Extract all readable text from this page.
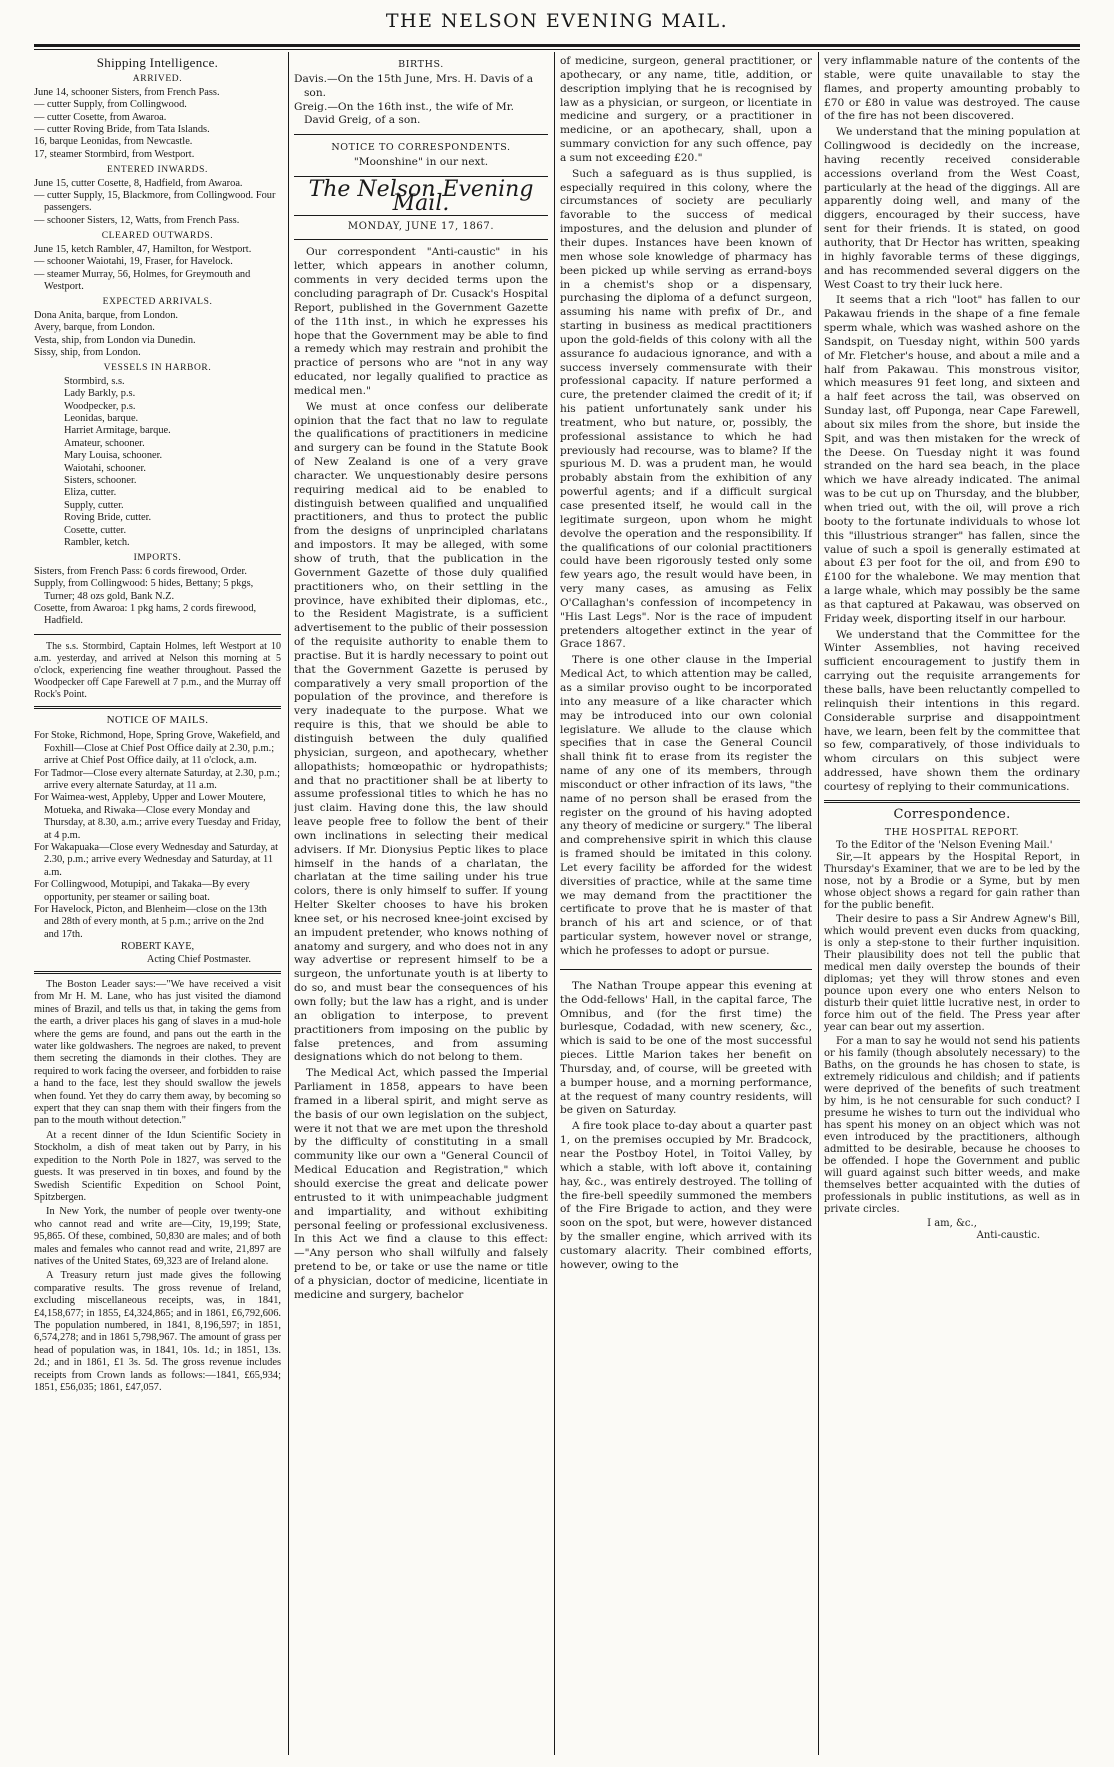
THE NELSON EVENING MAIL.
Shipping Intelligence.
ARRIVED.
June 14, schooner Sisters, from French Pass.
— cutter Supply, from Collingwood.
— cutter Cosette, from Awaroa.
— cutter Roving Bride, from Tata Islands.
16, barque Leonidas, from Newcastle.
17, steamer Stormbird, from Westport.
ENTERED INWARDS.
June 15, cutter Cosette, 8, Hadfield, from Awaroa.
— cutter Supply, 15, Blackmore, from Collingwood. Four passengers.
— schooner Sisters, 12, Watts, from French Pass.
CLEARED OUTWARDS.
June 15, ketch Rambler, 47, Hamilton, for Westport.
— schooner Waiotahi, 19, Fraser, for Havelock.
— steamer Murray, 56, Holmes, for Greymouth and Westport.
EXPECTED ARRIVALS.
Dona Anita, barque, from London.
Avery, barque, from London.
Vesta, ship, from London via Dunedin.
Sissy, ship, from London.
VESSELS IN HARBOR.
Stormbird, s.s.
Lady Barkly, p.s.
Woodpecker, p.s.
Leonidas, barque.
Harriet Armitage, barque.
Amateur, schooner.
Mary Louisa, schooner.
Waiotahi, schooner.
Sisters, schooner.
Eliza, cutter.
Supply, cutter.
Roving Bride, cutter.
Cosette, cutter.
Rambler, ketch.
IMPORTS.
Sisters, from French Pass: 6 cords firewood, Order.
Supply, from Collingwood: 5 hides, Bettany; 5 pkgs, Turner; 48 ozs gold, Bank N.Z.
Cosette, from Awaroa: 1 pkg hams, 2 cords firewood, Hadfield.

The s.s. Stormbird, Captain Holmes, left Westport at 10 a.m. yesterday, and arrived at Nelson this morning at 5 o'clock, experiencing fine weather throughout. Passed the Woodpecker off Cape Farewell at 7 p.m., and the Murray off Rock's Point.

NOTICE OF MAILS.
For Stoke, Richmond, Hope, Spring Grove, Wakefield, and Foxhill—Close at Chief Post Office daily at 2.30, p.m.; arrive at Chief Post Office daily, at 11 o'clock, a.m.
For Tadmor—Close every alternate Saturday, at 2.30, p.m.; arrive every alternate Saturday, at 11 a.m.
For Waimea-west, Appleby, Upper and Lower Moutere, Motueka, and Riwaka—Close every Monday and Thursday, at 8.30, a.m.; arrive every Tuesday and Friday, at 4 p.m.
For Wakapuaka—Close every Wednesday and Saturday, at 2.30, p.m.; arrive every Wednesday and Saturday, at 11 a.m.
For Collingwood, Motupipi, and Takaka—By every opportunity, per steamer or sailing boat.
For Havelock, Picton, and Blenheim—close on the 13th and 28th of every month, at 5 p.m.; arrive on the 2nd and 17th.
ROBERT KAYE,
Acting Chief Postmaster.

The Boston Leader says:—"We have received a visit from Mr H. M. Lane, who has just visited the diamond mines of Brazil, and tells us that, in taking the gems from the earth, a driver places his gang of slaves in a mud-hole where the gems are found, and pans out the earth in the water like goldwashers. The negroes are naked, to prevent them secreting the diamonds in their clothes. They are required to work facing the overseer, and forbidden to raise a hand to the face, lest they should swallow the jewels when found. Yet they do carry them away, by becoming so expert that they can snap them with their fingers from the pan to the mouth without detection."

At a recent dinner of the Idun Scientific Society in Stockholm, a dish of meat taken out by Parry, in his expedition to the North Pole in 1827, was served to the guests. It was preserved in tin boxes, and found by the Swedish Scientific Expedition on School Point, Spitzbergen.

In New York, the number of people over twenty-one who cannot read and write are—City, 19,199; State, 95,865. Of these, combined, 50,830 are males; and of both males and females who cannot read and write, 21,897 are natives of the United States, 69,323 are of Ireland alone.

A Treasury return just made gives the following comparative results. The gross revenue of Ireland, excluding miscellaneous receipts, was, in 1841, £4,158,677; in 1855, £4,324,865; and in 1861, £6,792,606. The population numbered, in 1841, 8,196,597; in 1851, 6,574,278; and in 1861 5,798,967. The amount of grass per head of population was, in 1841, 10s. 1d.; in 1851, 13s. 2d.; and in 1861, £1 3s. 5d. The gross revenue includes receipts from Crown lands as follows:—1841, £65,934; 1851, £56,035; 1861, £47,057.

BIRTHS.
Davis.—On the 15th June, Mrs. H. Davis of a son.
Greig.—On the 16th inst., the wife of Mr. David Greig, of a son.
NOTICE TO CORRESPONDENTS.
"Moonshine" in our next.
The Nelson Evening Mail.
MONDAY, JUNE 17, 1867.

Our correspondent "Anti-caustic" in his letter, which appears in another column, comments in very decided terms upon the concluding paragraph of Dr. Cusack's Hospital Report, published in the Government Gazette of the 11th inst., in which he expresses his hope that the Government may be able to find a remedy which may restrain and prohibit the practice of persons who are "not in any way educated, nor legally qualified to practice as medical men."

We must at once confess our deliberate opinion that the fact that no law to regulate the qualifications of practitioners in medicine and surgery can be found in the Statute Book of New Zealand is one of a very grave character. We unquestionably desire persons requiring medical aid to be enabled to distinguish between qualified and unqualified practitioners, and thus to protect the public from the designs of unprincipled charlatans and impostors. It may be alleged, with some show of truth, that the publication in the Government Gazette of those duly qualified practitioners who, on their settling in the province, have exhibited their diplomas, etc., to the Resident Magistrate, is a sufficient advertisement to the public of their possession of the requisite authority to enable them to practise. But it is hardly necessary to point out that the Government Gazette is perused by comparatively a very small proportion of the population of the province, and therefore is very inadequate to the purpose. What we require is this, that we should be able to distinguish between the duly qualified physician, surgeon, and apothecary, whether allopathists; homœopathic or hydropathists; and that no practitioner shall be at liberty to assume professional titles to which he has no just claim. Having done this, the law should leave people free to follow the bent of their own inclinations in selecting their medical advisers. If Mr. Dionysius Peptic likes to place himself in the hands of a charlatan, the charlatan at the time sailing under his true colors, there is only himself to suffer. If young Helter Skelter chooses to have his broken knee set, or his necrosed knee-joint excised by an impudent pretender, who knows nothing of anatomy and surgery, and who does not in any way advertise or represent himself to be a surgeon, the unfortunate youth is at liberty to do so, and must bear the consequences of his own folly; but the law has a right, and is under an obligation to interpose, to prevent practitioners from imposing on the public by false pretences, and from assuming designations which do not belong to them.

The Medical Act, which passed the Imperial Parliament in 1858, appears to have been framed in a liberal spirit, and might serve as the basis of our own legislation on the subject, were it not that we are met upon the threshold by the difficulty of constituting in a small community like our own a "General Council of Medical Education and Registration," which should exercise the great and delicate power entrusted to it with unimpeachable judgment and impartiality, and without exhibiting personal feeling or professional exclusiveness. In this Act we find a clause to this effect:—"Any person who shall wilfully and falsely pretend to be, or take or use the name or title of a physician, doctor of medicine, licentiate in medicine and surgery, bachelor

of medicine, surgeon, general practitioner, or apothecary, or any name, title, addition, or description implying that he is recognised by law as a physician, or surgeon, or licentiate in medicine and surgery, or a practitioner in medicine, or an apothecary, shall, upon a summary conviction for any such offence, pay a sum not exceeding £20."

Such a safeguard as is thus supplied, is especially required in this colony, where the circumstances of society are peculiarly favorable to the success of medical impostures, and the delusion and plunder of their dupes. Instances have been known of men whose sole knowledge of pharmacy has been picked up while serving as errand-boys in a chemist's shop or a dispensary, purchasing the diploma of a defunct surgeon, assuming his name with prefix of Dr., and starting in business as medical practitioners upon the gold-fields of this colony with all the assurance fo audacious ignorance, and with a success inversely commensurate with their professional capacity. If nature performed a cure, the pretender claimed the credit of it; if his patient unfortunately sank under his treatment, who but nature, or, possibly, the professional assistance to which he had previously had recourse, was to blame? If the spurious M. D. was a prudent man, he would probably abstain from the exhibition of any powerful agents; and if a difficult surgical case presented itself, he would call in the legitimate surgeon, upon whom he might devolve the operation and the responsibility. If the qualifications of our colonial practitioners could have been rigorously tested only some few years ago, the result would have been, in very many cases, as amusing as Felix O'Callaghan's confession of incompetency in "His Last Legs". Nor is the race of impudent pretenders altogether extinct in the year of Grace 1867.

There is one other clause in the Imperial Medical Act, to which attention may be called, as a similar proviso ought to be incorporated into any measure of a like character which may be introduced into our own colonial legislature. We allude to the clause which specifies that in case the General Council shall think fit to erase from its register the name of any one of its members, through misconduct or other infraction of its laws, "the name of no person shall be erased from the register on the ground of his having adopted any theory of medicine or surgery." The liberal and comprehensive spirit in which this clause is framed should be imitated in this colony. Let every facility be afforded for the widest diversities of practice, while at the same time we may demand from the practitioner the certificate to prove that he is master of that branch of his art and science, or of that particular system, however novel or strange, which he professes to adopt or pursue.

The Nathan Troupe appear this evening at the Odd-fellows' Hall, in the capital farce, The Omnibus, and (for the first time) the burlesque, Codadad, with new scenery, &c., which is said to be one of the most successful pieces. Little Marion takes her benefit on Thursday, and, of course, will be greeted with a bumper house, and a morning performance, at the request of many country residents, will be given on Saturday.

A fire took place to-day about a quarter past 1, on the premises occupied by Mr. Bradcock, near the Postboy Hotel, in Toitoi Valley, by which a stable, with loft above it, containing hay, &c., was entirely destroyed. The tolling of the fire-bell speedily summoned the members of the Fire Brigade to action, and they were soon on the spot, but were, however distanced by the smaller engine, which arrived with its customary alacrity. Their combined efforts, however, owing to the

very inflammable nature of the contents of the stable, were quite unavailable to stay the flames, and property amounting probably to £70 or £80 in value was destroyed. The cause of the fire has not been discovered.

We understand that the mining population at Collingwood is decidedly on the increase, having recently received considerable accessions overland from the West Coast, particularly at the head of the diggings. All are apparently doing well, and many of the diggers, encouraged by their success, have sent for their friends. It is stated, on good authority, that Dr Hector has written, speaking in highly favorable terms of these diggings, and has recommended several diggers on the West Coast to try their luck here.

It seems that a rich "loot" has fallen to our Pakawau friends in the shape of a fine female sperm whale, which was washed ashore on the Sandspit, on Tuesday night, within 500 yards of Mr. Fletcher's house, and about a mile and a half from Pakawau. This monstrous visitor, which measures 91 feet long, and sixteen and a half feet across the tail, was observed on Sunday last, off Puponga, near Cape Farewell, about six miles from the shore, but inside the Spit, and was then mistaken for the wreck of the Deese. On Tuesday night it was found stranded on the hard sea beach, in the place which we have already indicated. The animal was to be cut up on Thursday, and the blubber, when tried out, with the oil, will prove a rich booty to the fortunate individuals to whose lot this "illustrious stranger" has fallen, since the value of such a spoil is generally estimated at about £3 per foot for the oil, and from £90 to £100 for the whalebone. We may mention that a large whale, which may possibly be the same as that captured at Pakawau, was observed on Friday week, disporting itself in our harbour.

We understand that the Committee for the Winter Assemblies, not having received sufficient encouragement to justify them in carrying out the requisite arrangements for these balls, have been reluctantly compelled to relinquish their intentions in this regard. Considerable surprise and disappointment have, we learn, been felt by the committee that so few, comparatively, of those individuals to whom circulars on this subject were addressed, have shown them the ordinary courtesy of replying to their communications.

Correspondence.
THE HOSPITAL REPORT.
To the Editor of the 'Nelson Evening Mail.'

Sir,—It appears by the Hospital Report, in Thursday's Examiner, that we are to be led by the nose, not by a Brodie or a Syme, but by men whose object shows a regard for gain rather than for the public benefit.

Their desire to pass a Sir Andrew Agnew's Bill, which would prevent even ducks from quacking, is only a step-stone to their further inquisition. Their plausibility does not tell the public that medical men daily overstep the bounds of their diplomas; yet they will throw stones and even pounce upon every one who enters Nelson to disturb their quiet little lucrative nest, in order to force him out of the field. The Press year after year can bear out my assertion.

For a man to say he would not send his patients or his family (though absolutely necessary) to the Baths, on the grounds he has chosen to state, is extremely ridiculous and childish; and if patients were deprived of the benefits of such treatment by him, is he not censurable for such conduct? I presume he wishes to turn out the individual who has spent his money on an object which was not even introduced by the practitioners, although admitted to be desirable, because he chooses to be offended. I hope the Government and public will guard against such bitter weeds, and make themselves better acquainted with the duties of professionals in public institutions, as well as in private circles.

I am, &c.,
Anti-caustic.
